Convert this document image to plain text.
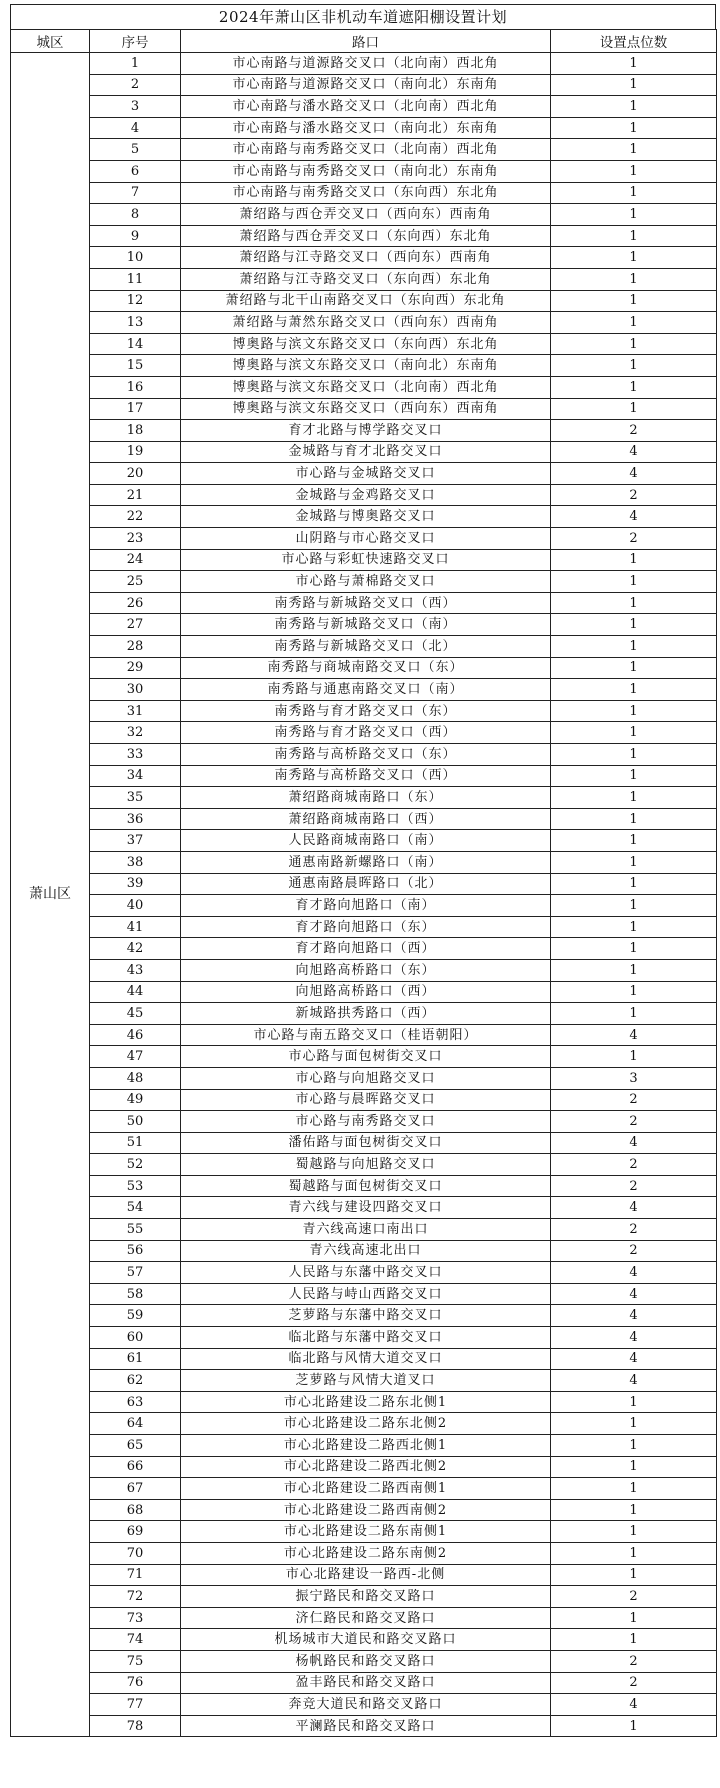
2024年萧山区非机动车道遮阳棚设置计划
城区	序号	路口	设置点位数
萧山区	1	市心南路与道源路交叉口（北向南）西北角	1
	2	市心南路与道源路交叉口（南向北）东南角	1
	3	市心南路与潘水路交叉口（北向南）西北角	1
	4	市心南路与潘水路交叉口（南向北）东南角	1
	5	市心南路与南秀路交叉口（北向南）西北角	1
	6	市心南路与南秀路交叉口（南向北）东南角	1
	7	市心南路与南秀路交叉口（东向西）东北角	1
	8	萧绍路与西仓弄交叉口（西向东）西南角	1
	9	萧绍路与西仓弄交叉口（东向西）东北角	1
	10	萧绍路与江寺路交叉口（西向东）西南角	1
	11	萧绍路与江寺路交叉口（东向西）东北角	1
	12	萧绍路与北干山南路交叉口（东向西）东北角	1
	13	萧绍路与萧然东路交叉口（西向东）西南角	1
	14	博奥路与滨文东路交叉口（东向西）东北角	1
	15	博奥路与滨文东路交叉口（南向北）东南角	1
	16	博奥路与滨文东路交叉口（北向南）西北角	1
	17	博奥路与滨文东路交叉口（西向东）西南角	1
	18	育才北路与博学路交叉口	2
	19	金城路与育才北路交叉口	4
	20	市心路与金城路交叉口	4
	21	金城路与金鸡路交叉口	2
	22	金城路与博奥路交叉口	4
	23	山阴路与市心路交叉口	2
	24	市心路与彩虹快速路交叉口	1
	25	市心路与萧棉路交叉口	1
	26	南秀路与新城路交叉口（西）	1
	27	南秀路与新城路交叉口（南）	1
	28	南秀路与新城路交叉口（北）	1
	29	南秀路与商城南路交叉口（东）	1
	30	南秀路与通惠南路交叉口（南）	1
	31	南秀路与育才路交叉口（东）	1
	32	南秀路与育才路交叉口（西）	1
	33	南秀路与高桥路交叉口（东）	1
	34	南秀路与高桥路交叉口（西）	1
	35	萧绍路商城南路口（东）	1
	36	萧绍路商城南路口（西）	1
	37	人民路商城南路口（南）	1
	38	通惠南路新螺路口（南）	1
	39	通惠南路晨晖路口（北）	1
	40	育才路向旭路口（南）	1
	41	育才路向旭路口（东）	1
	42	育才路向旭路口（西）	1
	43	向旭路高桥路口（东）	1
	44	向旭路高桥路口（西）	1
	45	新城路拱秀路口（西）	1
	46	市心路与南五路交叉口（桂语朝阳）	4
	47	市心路与面包树街交叉口	1
	48	市心路与向旭路交叉口	3
	49	市心路与晨晖路交叉口	2
	50	市心路与南秀路交叉口	2
	51	潘佑路与面包树街交叉口	4
	52	蜀越路与向旭路交叉口	2
	53	蜀越路与面包树街交叉口	2
	54	青六线与建设四路交叉口	4
	55	青六线高速口南出口	2
	56	青六线高速北出口	2
	57	人民路与东藩中路交叉口	4
	58	人民路与峙山西路交叉口	4
	59	芝萝路与东藩中路交叉口	4
	60	临北路与东藩中路交叉口	4
	61	临北路与风情大道交叉口	4
	62	芝萝路与风情大道叉口	4
	63	市心北路建设二路东北侧1	1
	64	市心北路建设二路东北侧2	1
	65	市心北路建设二路西北侧1	1
	66	市心北路建设二路西北侧2	1
	67	市心北路建设二路西南侧1	1
	68	市心北路建设二路西南侧2	1
	69	市心北路建设二路东南侧1	1
	70	市心北路建设二路东南侧2	1
	71	市心北路建设一路西-北侧	1
	72	振宁路民和路交叉路口	2
	73	济仁路民和路交叉路口	1
	74	机场城市大道民和路交叉路口	1
	75	杨帆路民和路交叉路口	2
	76	盈丰路民和路交叉路口	2
	77	奔竞大道民和路交叉路口	4
	78	平澜路民和路交叉路口	1
